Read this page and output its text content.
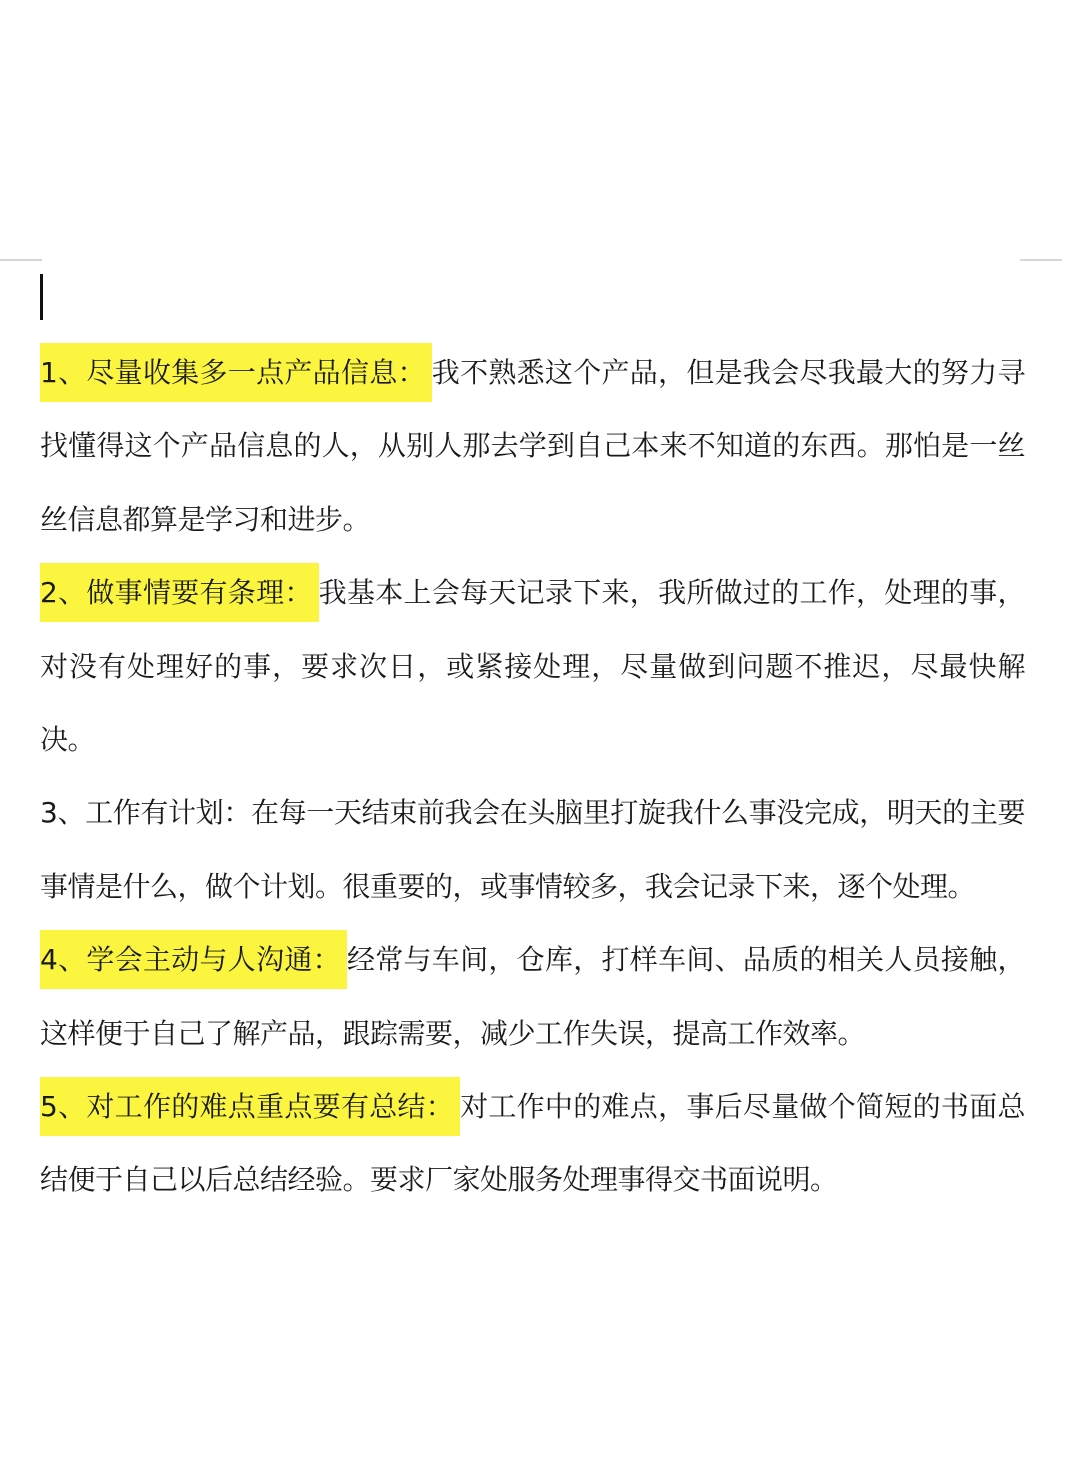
1、尽量收集多一点产品信息： 我不熟悉这个产品，但是我会尽我最大的努力寻找懂得这个产品信息的人，从别人那去学到自己本来不知道的东西。那怕是一丝丝信息都算是学习和进步。

2、做事情要有条理： 我基本上会每天记录下来，我所做过的工作，处理的事，对没有处理好的事，要求次日，或紧接处理，尽量做到问题不推迟，尽最快解决。

3、工作有计划：在每一天结束前我会在头脑里打旋我什么事没完成，明天的主要事情是什么，做个计划。很重要的，或事情较多，我会记录下来，逐个处理。

4、学会主动与人沟通： 经常与车间，仓库，打样车间、品质的相关人员接触，这样便于自己了解产品，跟踪需要，减少工作失误，提高工作效率。

5、对工作的难点重点要有总结： 对工作中的难点，事后尽量做个简短的书面总结便于自己以后总结经验。要求厂家处服务处理事得交书面说明。
